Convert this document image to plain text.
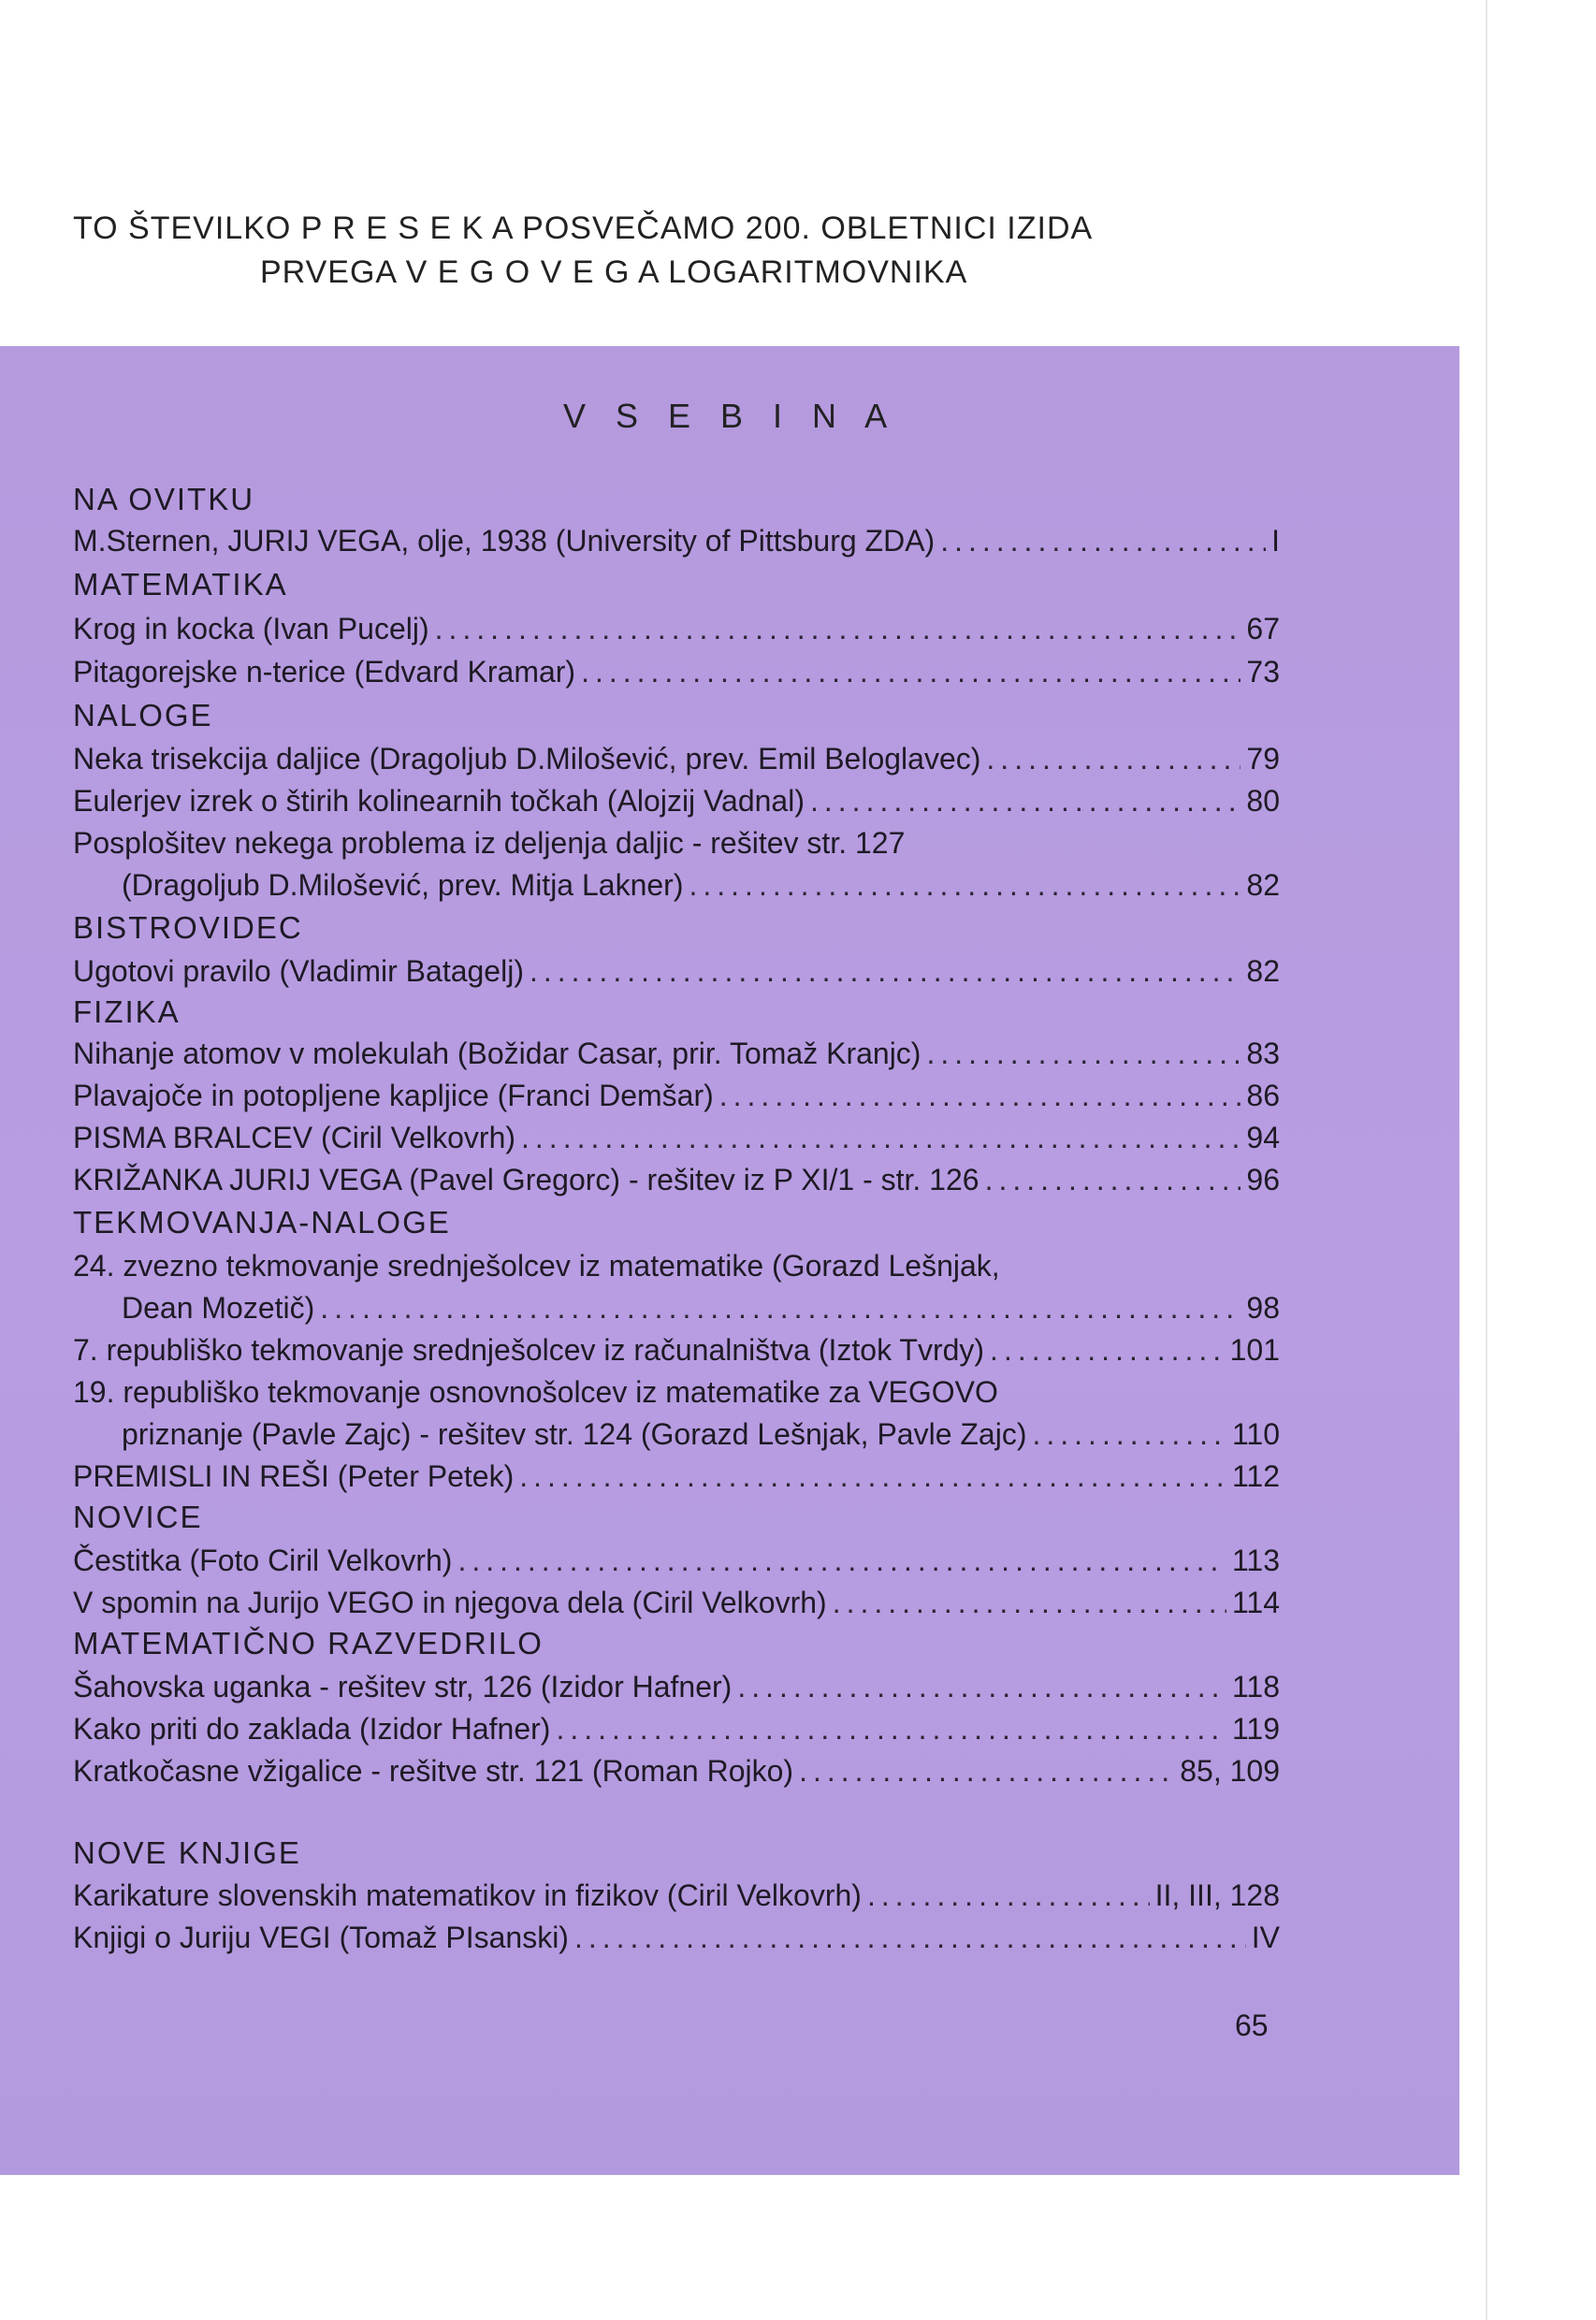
TO ŠTEVILKO P R E S E K A POSVEČAMO 200. OBLETNICI IZIDA
PRVEGA V E G O V E G A LOGARITMOVNIKA
V S E B I N A
NA OVITKU
M.Sternen, JURIJ VEGA, olje, 1938 (University of Pittsburg ZDA) .....	I
MATEMATIKA
Krog in kocka (Ivan Pucelj) .....	67
Pitagorejske n-terice (Edvard Kramar) .....	73
NALOGE
Neka trisekcija daljice (Dragoljub D.Milošević, prev. Emil Beloglavec) .....	79
Eulerjev izrek o štirih kolinearnih točkah (Alojzij Vadnal) .....	80
Posplošitev nekega problema iz deljenja daljic - rešitev str. 127
(Dragoljub D.Milošević, prev. Mitja Lakner) .....	82
BISTROVIDEC
Ugotovi pravilo (Vladimir Batagelj) .....	82
FIZIKA
Nihanje atomov v molekulah (Božidar Casar, prir. Tomaž Kranjc) .....	83
Plavajoče in potopljene kapljice (Franci Demšar) .....	86
PISMA BRALCEV (Ciril Velkovrh) .....	94
KRIŽANKA JURIJ VEGA (Pavel Gregorc) - rešitev iz P XI/1 - str. 126 .....	96
TEKMOVANJA-NALOGE
24. zvezno tekmovanje srednješolcev iz matematike (Gorazd Lešnjak,
Dean Mozetič) .....	98
7. republiško tekmovanje srednješolcev iz računalništva (Iztok Tvrdy) .....	101
19. republiško tekmovanje osnovnošolcev iz matematike za VEGOVO
priznanje (Pavle Zajc) - rešitev str. 124 (Gorazd Lešnjak, Pavle Zajc) .....	110
PREMISLI IN REŠI (Peter Petek) .....	112
NOVICE
Čestitka (Foto Ciril Velkovrh) .....	113
V spomin na Jurijo VEGO in njegova dela (Ciril Velkovrh) .....	114
MATEMATIČNO RAZVEDRILO
Šahovska uganka - rešitev str, 126 (Izidor Hafner) .....	118
Kako priti do zaklada (Izidor Hafner) .....	119
Kratkočasne vžigalice - rešitve str. 121 (Roman Rojko) .....	85, 109
NOVE KNJIGE
Karikature slovenskih matematikov in fizikov (Ciril Velkovrh) .....	II, III, 128
Knjigi o Juriju VEGI (Tomaž PIsanski) .....	IV
65
